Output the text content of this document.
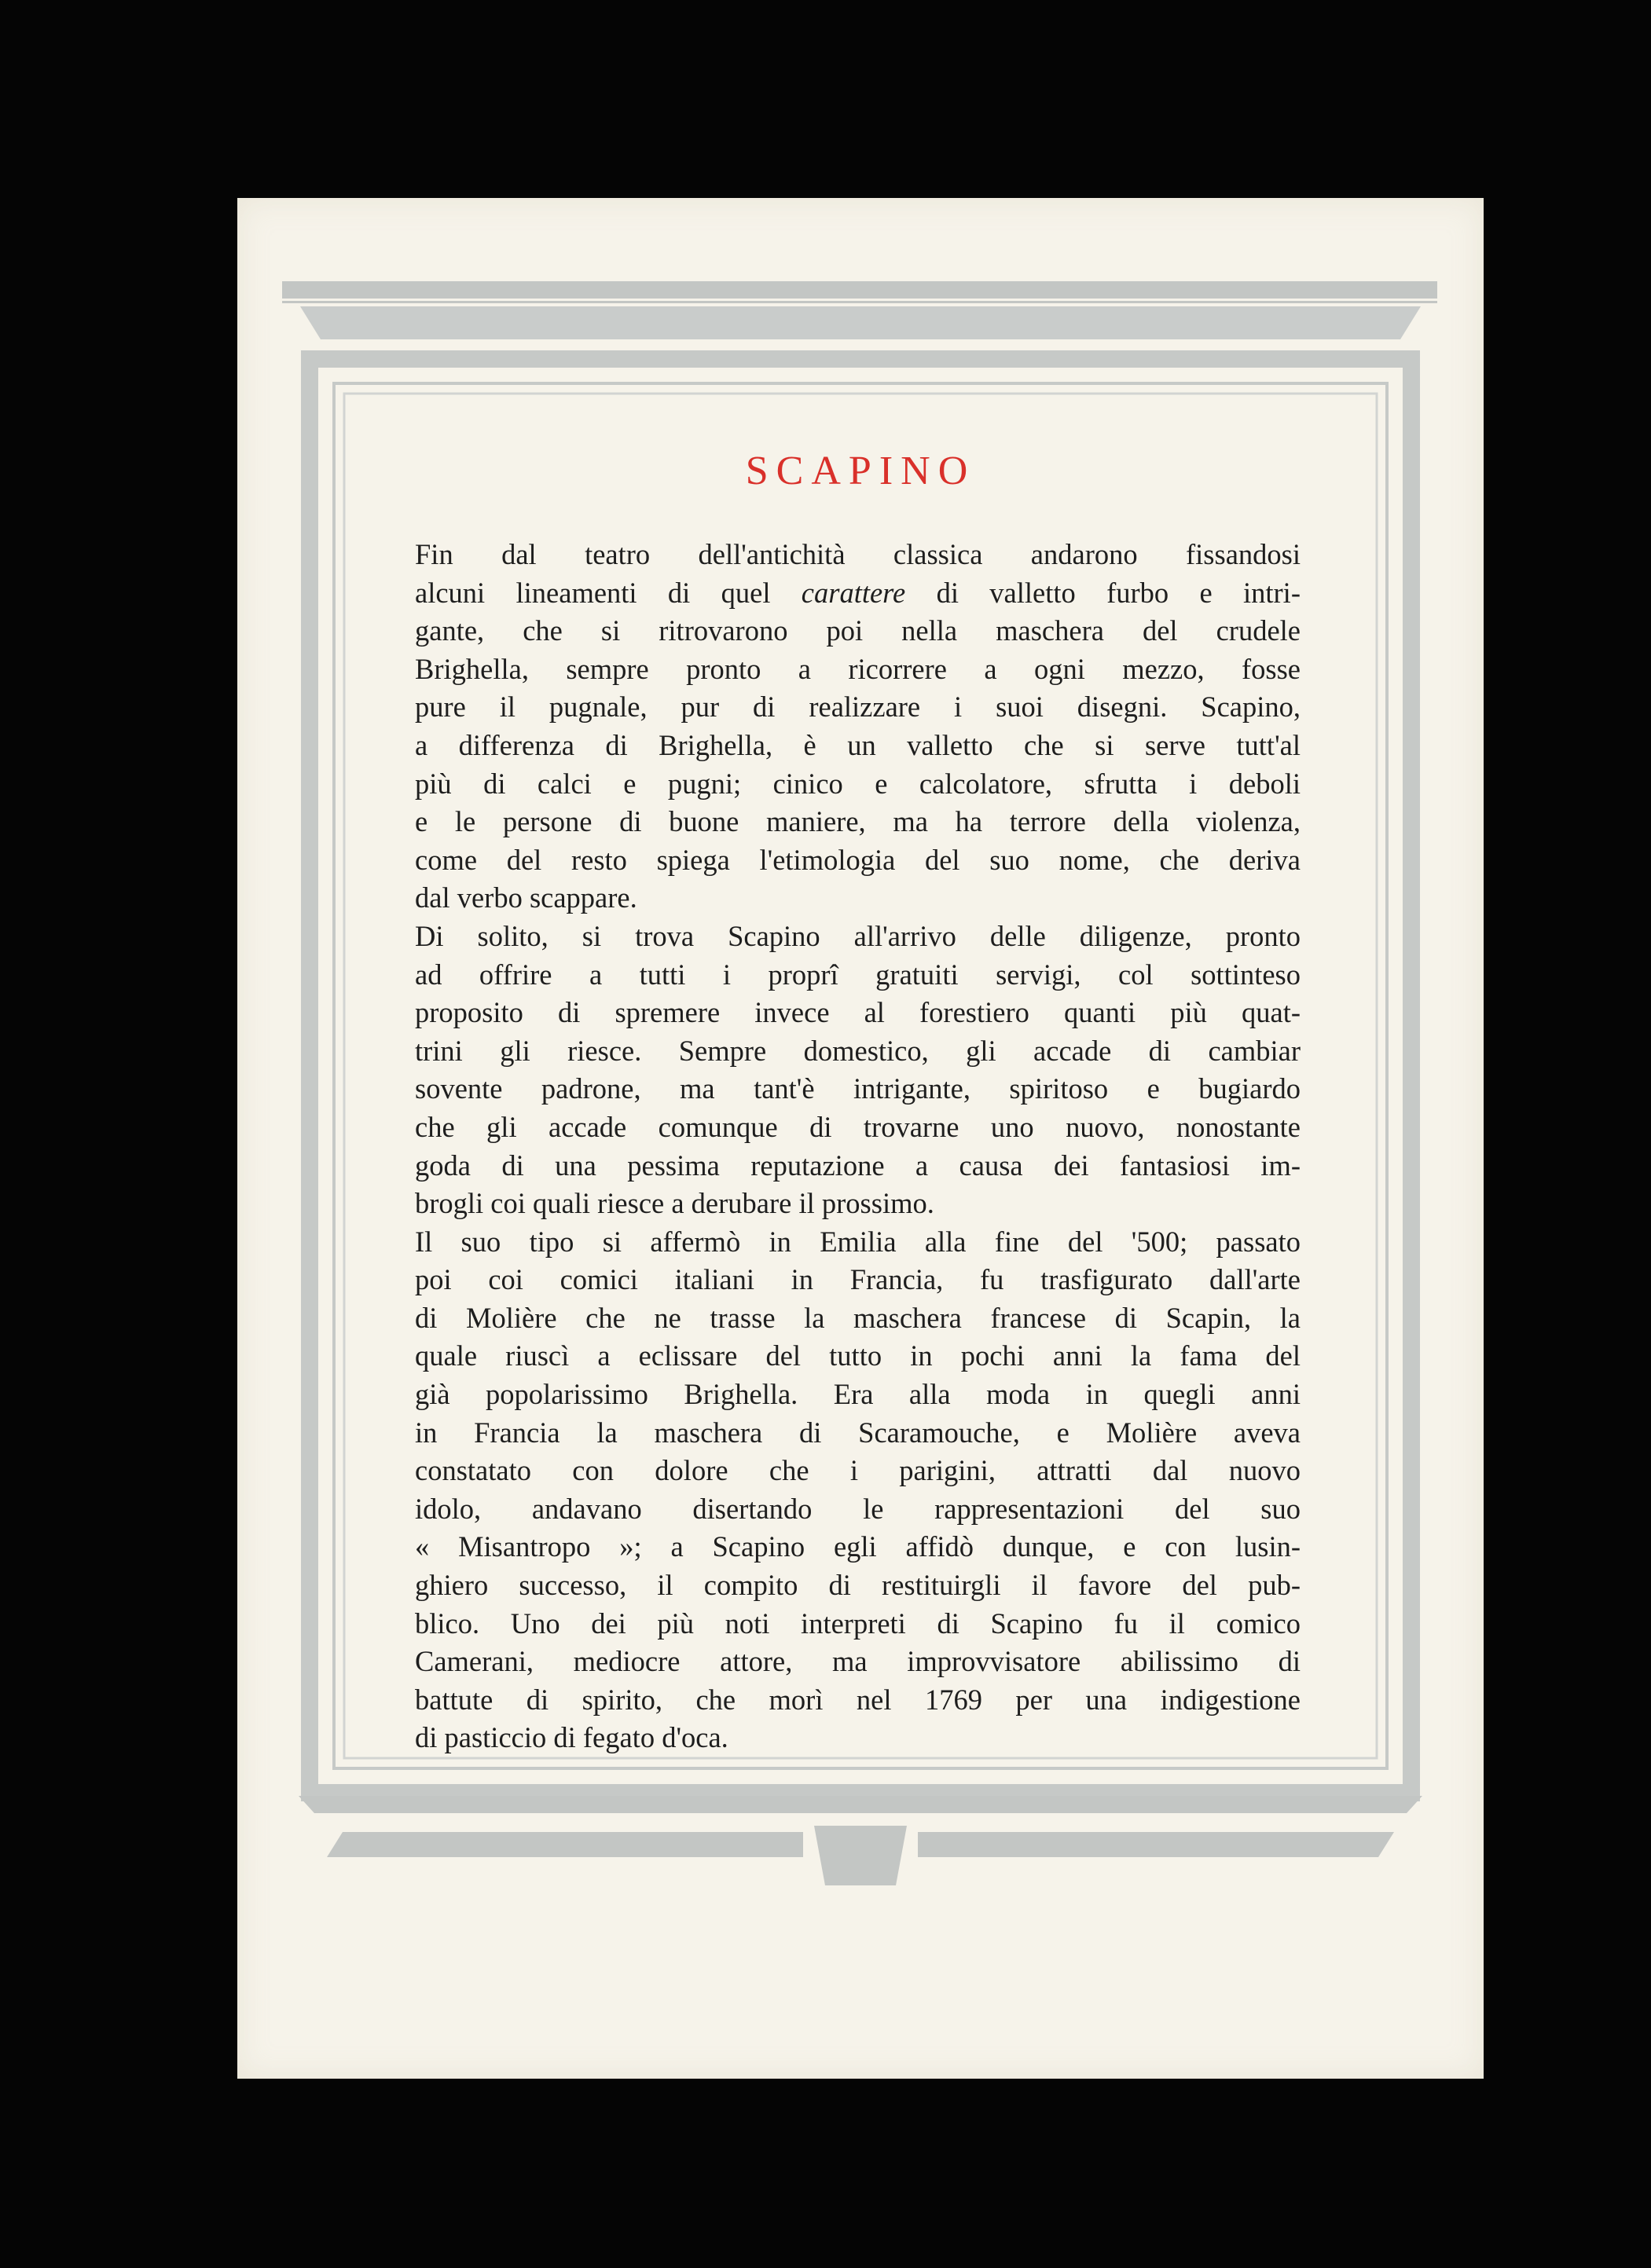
SCAPINO
Fin dal teatro dell'antichità classica andarono fissandosi
alcuni lineamenti di quel carattere di valletto furbo e intri-
gante, che si ritrovarono poi nella maschera del crudele
Brighella, sempre pronto a ricorrere a ogni mezzo, fosse
pure il pugnale, pur di realizzare i suoi disegni. Scapino,
a differenza di Brighella, è un valletto che si serve tutt'al
più di calci e pugni; cinico e calcolatore, sfrutta i deboli
e le persone di buone maniere, ma ha terrore della violenza,
come del resto spiega l'etimologia del suo nome, che deriva
dal verbo scappare.
Di solito, si trova Scapino all'arrivo delle diligenze, pronto
ad offrire a tutti i proprî gratuiti servigi, col sottinteso
proposito di spremere invece al forestiero quanti più quat-
trini gli riesce. Sempre domestico, gli accade di cambiar
sovente padrone, ma tant'è intrigante, spiritoso e bugiardo
che gli accade comunque di trovarne uno nuovo, nonostante
goda di una pessima reputazione a causa dei fantasiosi im-
brogli coi quali riesce a derubare il prossimo.
Il suo tipo si affermò in Emilia alla fine del '500; passato
poi coi comici italiani in Francia, fu trasfigurato dall'arte
di Molière che ne trasse la maschera francese di Scapin, la
quale riuscì a eclissare del tutto in pochi anni la fama del
già popolarissimo Brighella. Era alla moda in quegli anni
in Francia la maschera di Scaramouche, e Molière aveva
constatato con dolore che i parigini, attratti dal nuovo
idolo, andavano disertando le rappresentazioni del suo
« Misantropo »; a Scapino egli affidò dunque, e con lusin-
ghiero successo, il compito di restituirgli il favore del pub-
blico. Uno dei più noti interpreti di Scapino fu il comico
Camerani, mediocre attore, ma improvvisatore abilissimo di
battute di spirito, che morì nel 1769 per una indigestione
di pasticcio di fegato d'oca.
